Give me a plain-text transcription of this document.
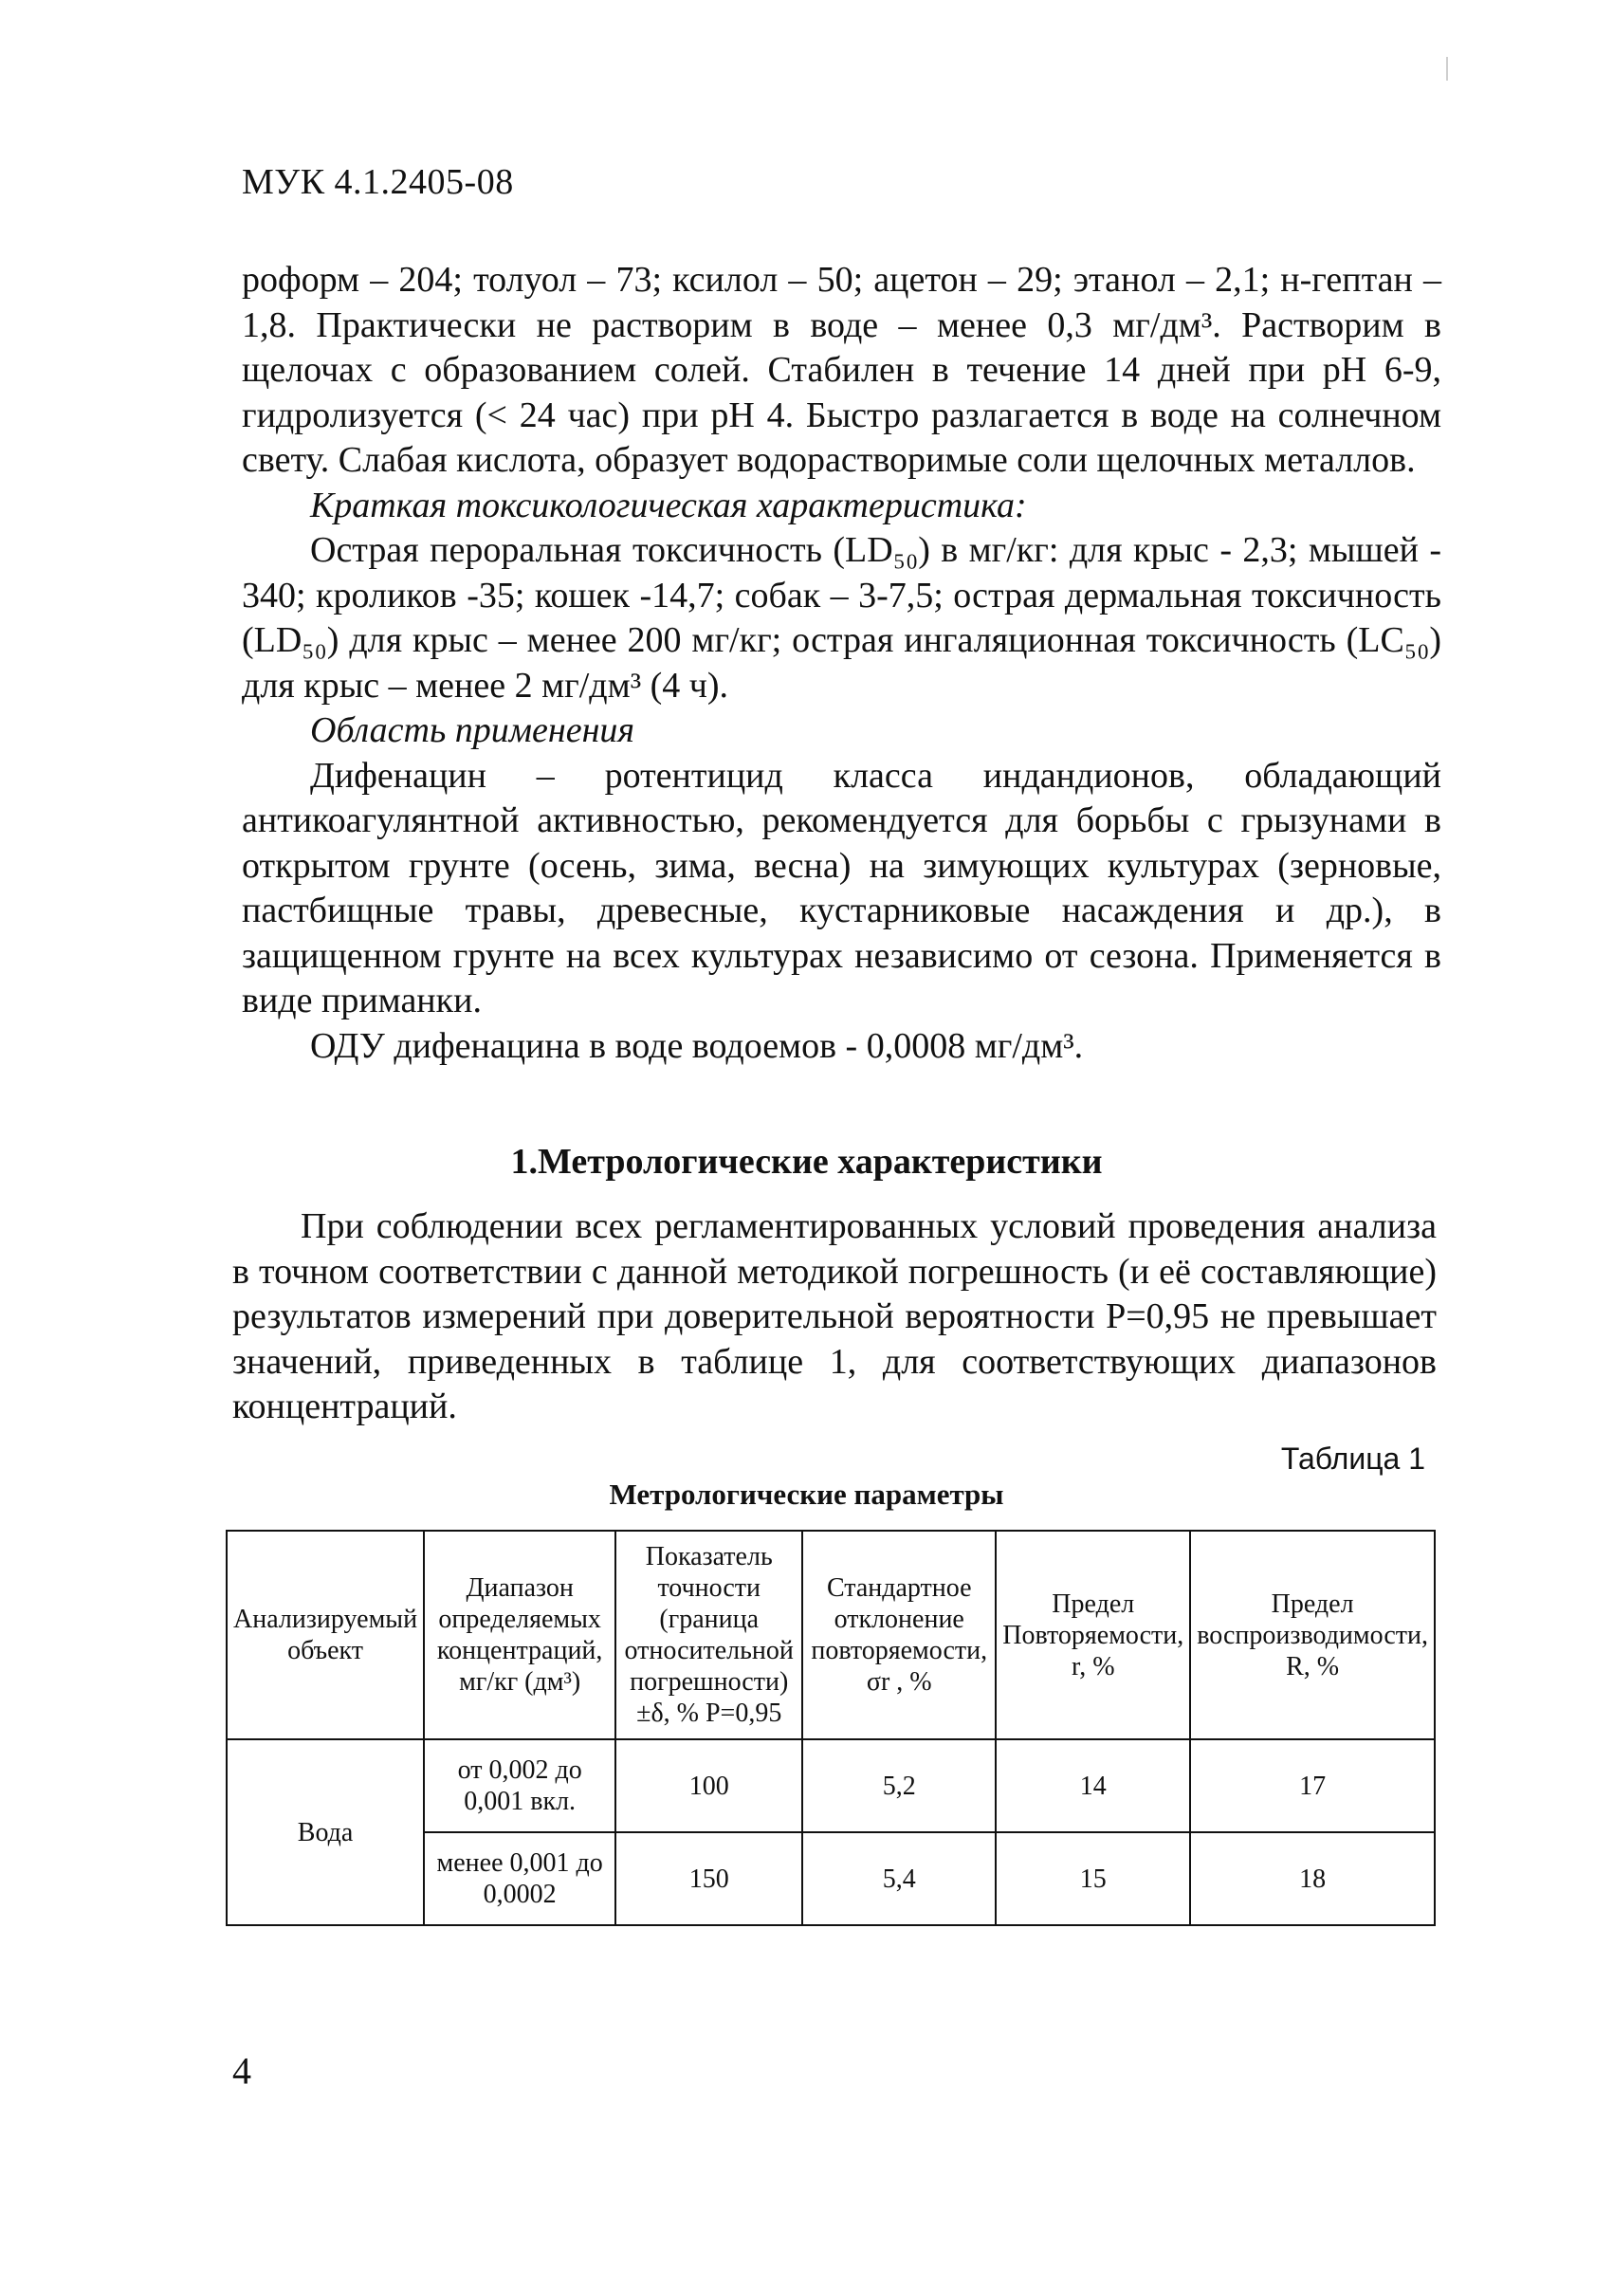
МУК 4.1.2405-08

роформ – 204; толуол – 73; ксилол – 50; ацетон – 29; этанол – 2,1; н-гептан – 1,8. Практически не растворим в воде – менее 0,3 мг/дм³. Растворим в щелочах с образованием солей. Стабилен в течение 14 дней при рН 6-9, гидролизуется (< 24 час) при рН 4. Быстро разлагается в воде на солнечном свету. Слабая кислота, образует водорастворимые соли щелочных металлов.

Краткая токсикологическая характеристика:

Острая пероральная токсичность (LD₅₀) в мг/кг: для крыс - 2,3; мышей - 340; кроликов -35; кошек -14,7; собак – 3-7,5; острая дермальная токсичность (LD₅₀) для крыс – менее 200 мг/кг; острая ингаляционная токсичность (LC₅₀) для крыс – менее 2 мг/дм³ (4 ч).

Область применения

Дифенацин – ротентицид класса индандионов, обладающий антикоагулянтной активностью, рекомендуется для борьбы с грызунами в открытом грунте (осень, зима, весна) на зимующих культурах (зерновые, пастбищные травы, древесные, кустарниковые насаждения и др.), в защищенном грунте на всех культурах независимо от сезона. Применяется в виде приманки.

ОДУ дифенацина в воде водоемов - 0,0008 мг/дм³.

1.Метрологические характеристики

При соблюдении всех регламентированных условий проведения анализа в точном соответствии с данной методикой погрешность (и её составляющие) результатов измерений при доверительной вероятности Р=0,95 не превышает значений, приведенных в таблице 1, для соответствующих диапазонов концентраций.

Таблица 1
Метрологические параметры
Анализируемый объект	Диапазон определяемых концентраций, мг/кг (дм³)	Показатель точности (граница относительной погрешности) ±δ, % Р=0,95	Стандартное отклонение повторяемости, σr , %	Предел Повторяемости, r, %	Предел воспроизводимости, R, %
Вода	от 0,002 до 0,001 вкл.	100	5,2	14	17
	менее 0,001 до 0,0002	150	5,4	15	18
4
